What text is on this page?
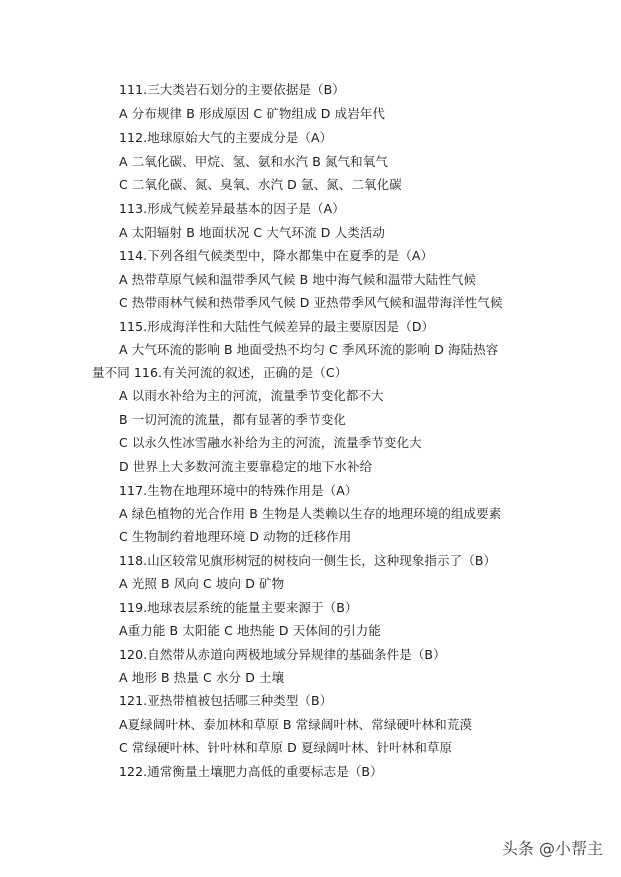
111.三大类岩石划分的主要依据是（B）
A 分布规律 B 形成原因 C 矿物组成 D 成岩年代
112.地球原始大气的主要成分是（A）
A 二氧化碳、甲烷、氢、氨和水汽 B 氮气和氧气
C 二氧化碳、氮、臭氧、水汽 D 氩、氮、二氧化碳
113.形成气候差异最基本的因子是（A）
A 太阳辐射 B 地面状况 C 大气环流 D 人类活动
114.下列各组气候类型中，降水都集中在夏季的是（A）
A 热带草原气候和温带季风气候 B 地中海气候和温带大陆性气候
C 热带雨林气候和热带季风气候 D 亚热带季风气候和温带海洋性气候
115.形成海洋性和大陆性气候差异的最主要原因是（D）
A 大气环流的影响 B 地面受热不均匀 C 季风环流的影响 D 海陆热容
量不同 116.有关河流的叙述，正确的是（C）
A 以雨水补给为主的河流，流量季节变化都不大
B 一切河流的流量，都有显著的季节变化
C 以永久性冰雪融水补给为主的河流，流量季节变化大
D 世界上大多数河流主要靠稳定的地下水补给
117.生物在地理环境中的特殊作用是（A）
A 绿色植物的光合作用 B 生物是人类赖以生存的地理环境的组成要素
C 生物制约着地理环境 D 动物的迁移作用
118.山区较常见旗形树冠的树枝向一侧生长，这种现象指示了（B）
A 光照 B 风向 C 坡向 D 矿物
119.地球表层系统的能量主要来源于（B）
A重力能 B 太阳能 C 地热能 D 天体间的引力能
120.自然带从赤道向两极地域分异规律的基础条件是（B）
A 地形 B 热量 C 水分 D 土壤
121.亚热带植被包括哪三种类型（B）
A夏绿阔叶林、泰加林和草原 B 常绿阔叶林、常绿硬叶林和荒漠
C 常绿硬叶林、针叶林和草原 D 夏绿阔叶林、针叶林和草原
122.通常衡量土壤肥力高低的重要标志是（B）
头条 @小帮主
